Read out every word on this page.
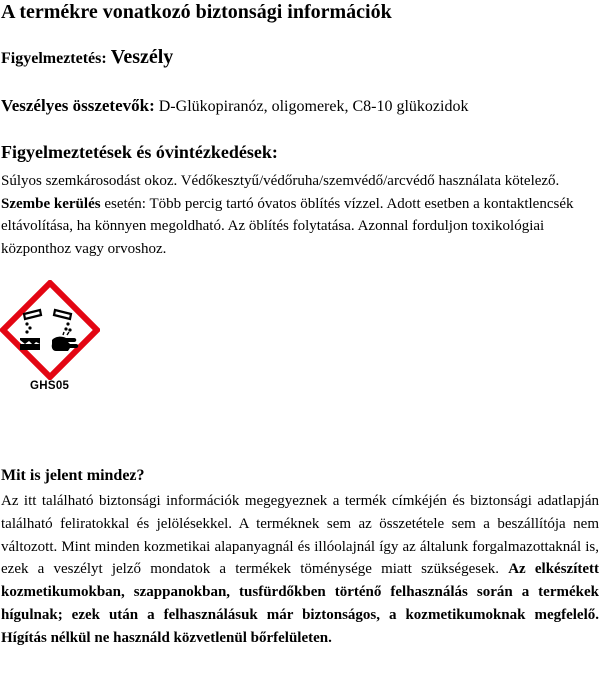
A termékre vonatkozó biztonsági információk
Figyelmeztetés: Veszély
Veszélyes összetevők: D-Glükopiranóz, oligomerek, C8-10 glükozidok
Figyelmeztetések és óvintézkedések:

Súlyos szemkárosodást okoz. Védőkesztyű/védőruha/szemvédő/arcvédő használata kötelező.

Szembe kerülés esetén: Több percig tartó óvatos öblítés vízzel. Adott esetben a kontaktlencsék eltávolítása, ha könnyen megoldható. Az öblítés folytatása. Azonnal forduljon toxikológiai központhoz vagy orvoshoz.

GHS05
Mit is jelent mindez?
Az itt található biztonsági információk megegyeznek a termék címkéjén és biztonsági adatlapján található feliratokkal és jelölésekkel. A terméknek sem az összetétele sem a beszállítója nem változott. Mint minden kozmetikai alapanyagnál és illóolajnál így az általunk forgalmazottaknál is, ezek a veszélyt jelző mondatok a termékek töménysége miatt szükségesek. Az elkészített kozmetikumokban, szappanokban, tusfürdőkben történő felhasználás során a termékek hígulnak; ezek után a felhasználásuk már biztonságos, a kozmetikumoknak megfelelő. Hígítás nélkül ne használd közvetlenül bőrfelületen.
